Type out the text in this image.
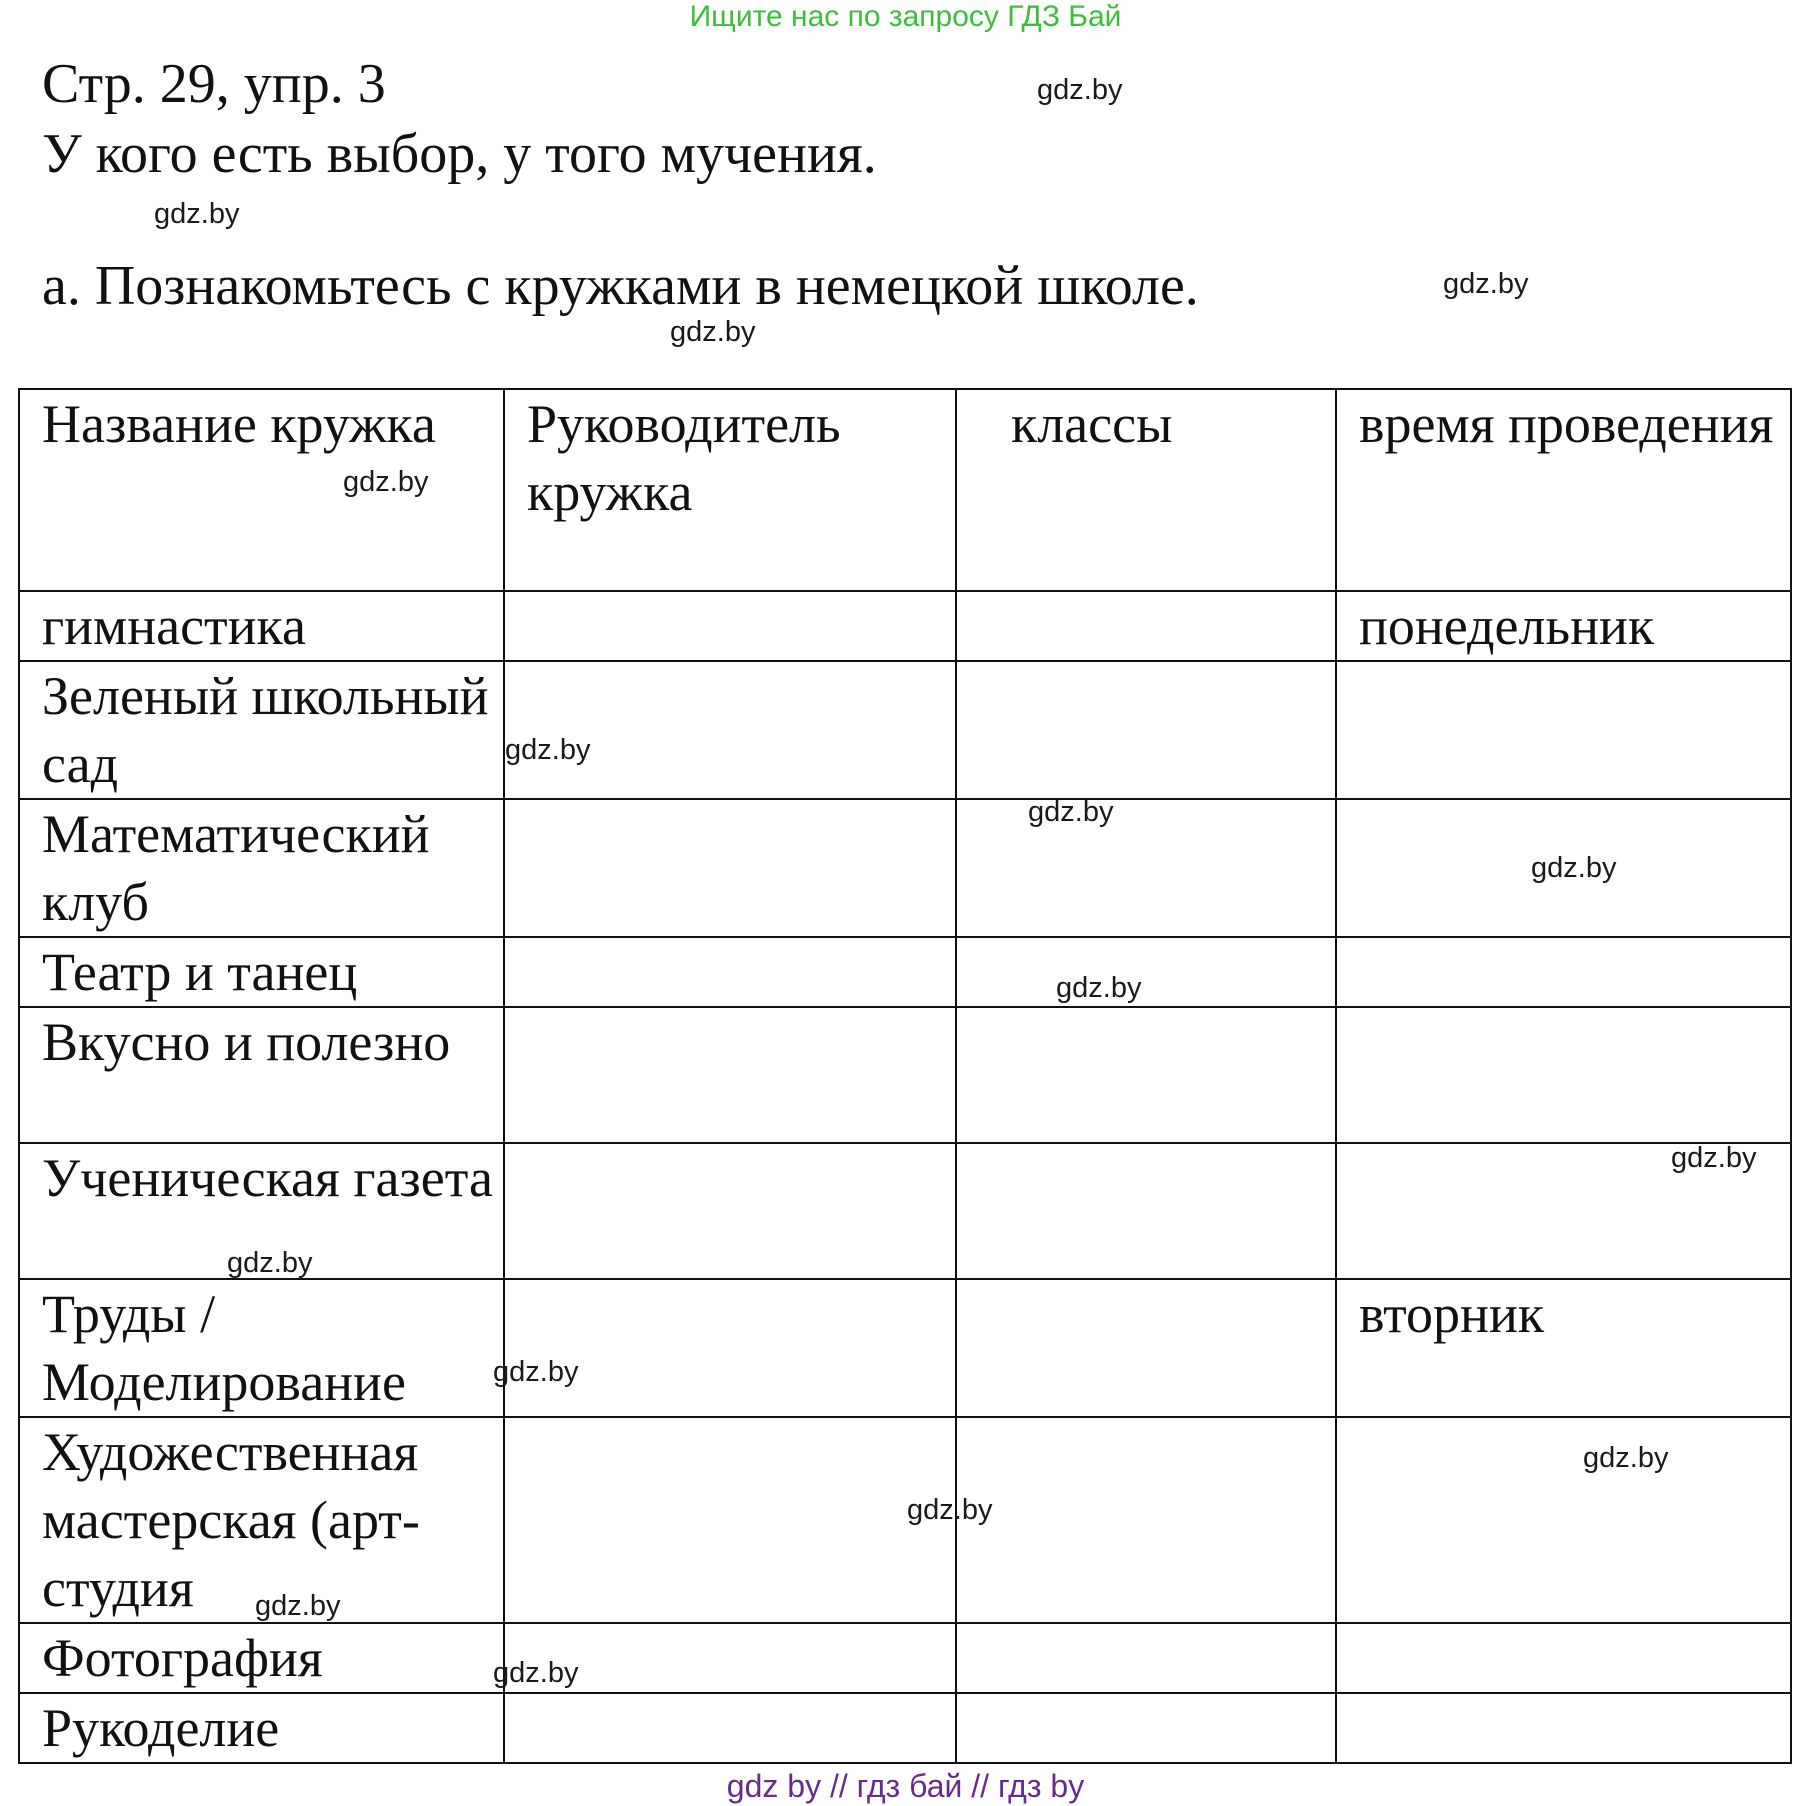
Ищите нас по запросу ГДЗ Бай
Стр. 29, упр. 3
У кого есть выбор, у того мучения.
a. Познакомьтесь с кружками в немецкой школе.
Название кружка	Руководитель кружка	классы	время проведения
гимнастика			понедельник
Зеленый школьный сад			
Математический клуб			
Театр и танец			
Вкусно и полезно			
Ученическая газета			
Труды / Моделирование			вторник
Художественная мастерская (арт-студия			
Фотография			
Рукоделие			
gdz.by
gdz.by
gdz.by
gdz.by
gdz.by
gdz.by
gdz.by
gdz.by
gdz.by
gdz.by
gdz.by
gdz.by
gdz.by
gdz.by
gdz.by
gdz.by
gdz by // гдз бай // гдз by
